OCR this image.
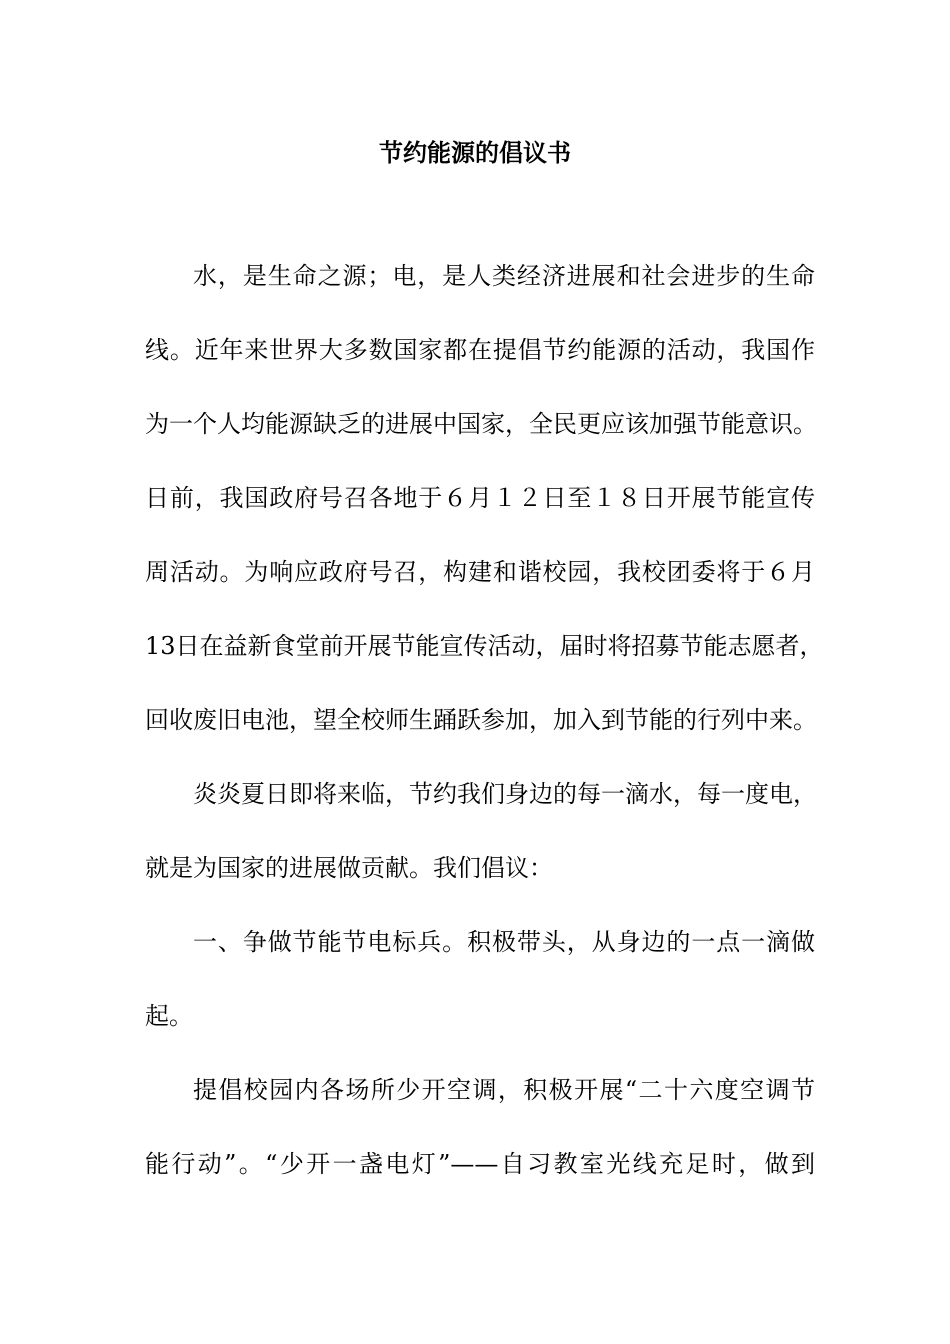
节约能源的倡议书

水，是生命之源；电，是人类经济进展和社会进步的生命

线。近年来世界大多数国家都在提倡节约能源的活动，我国作

为一个人均能源缺乏的进展中国家，全民更应该加强节能意识。

日前，我国政府号召各地于６月１２日至１８日开展节能宣传

周活动。为响应政府号召，构建和谐校园，我校团委将于６月

13日在益新食堂前开展节能宣传活动，届时将招募节能志愿者，

回收废旧电池，望全校师生踊跃参加，加入到节能的行列中来。

炎炎夏日即将来临，节约我们身边的每一滴水，每一度电，

就是为国家的进展做贡献。我们倡议：

一、争做节能节电标兵。积极带头，从身边的一点一滴做

起。

提倡校园内各场所少开空调，积极开展“二十六度空调节

能行动”。“少开一盏电灯”——自习教室光线充足时，做到
